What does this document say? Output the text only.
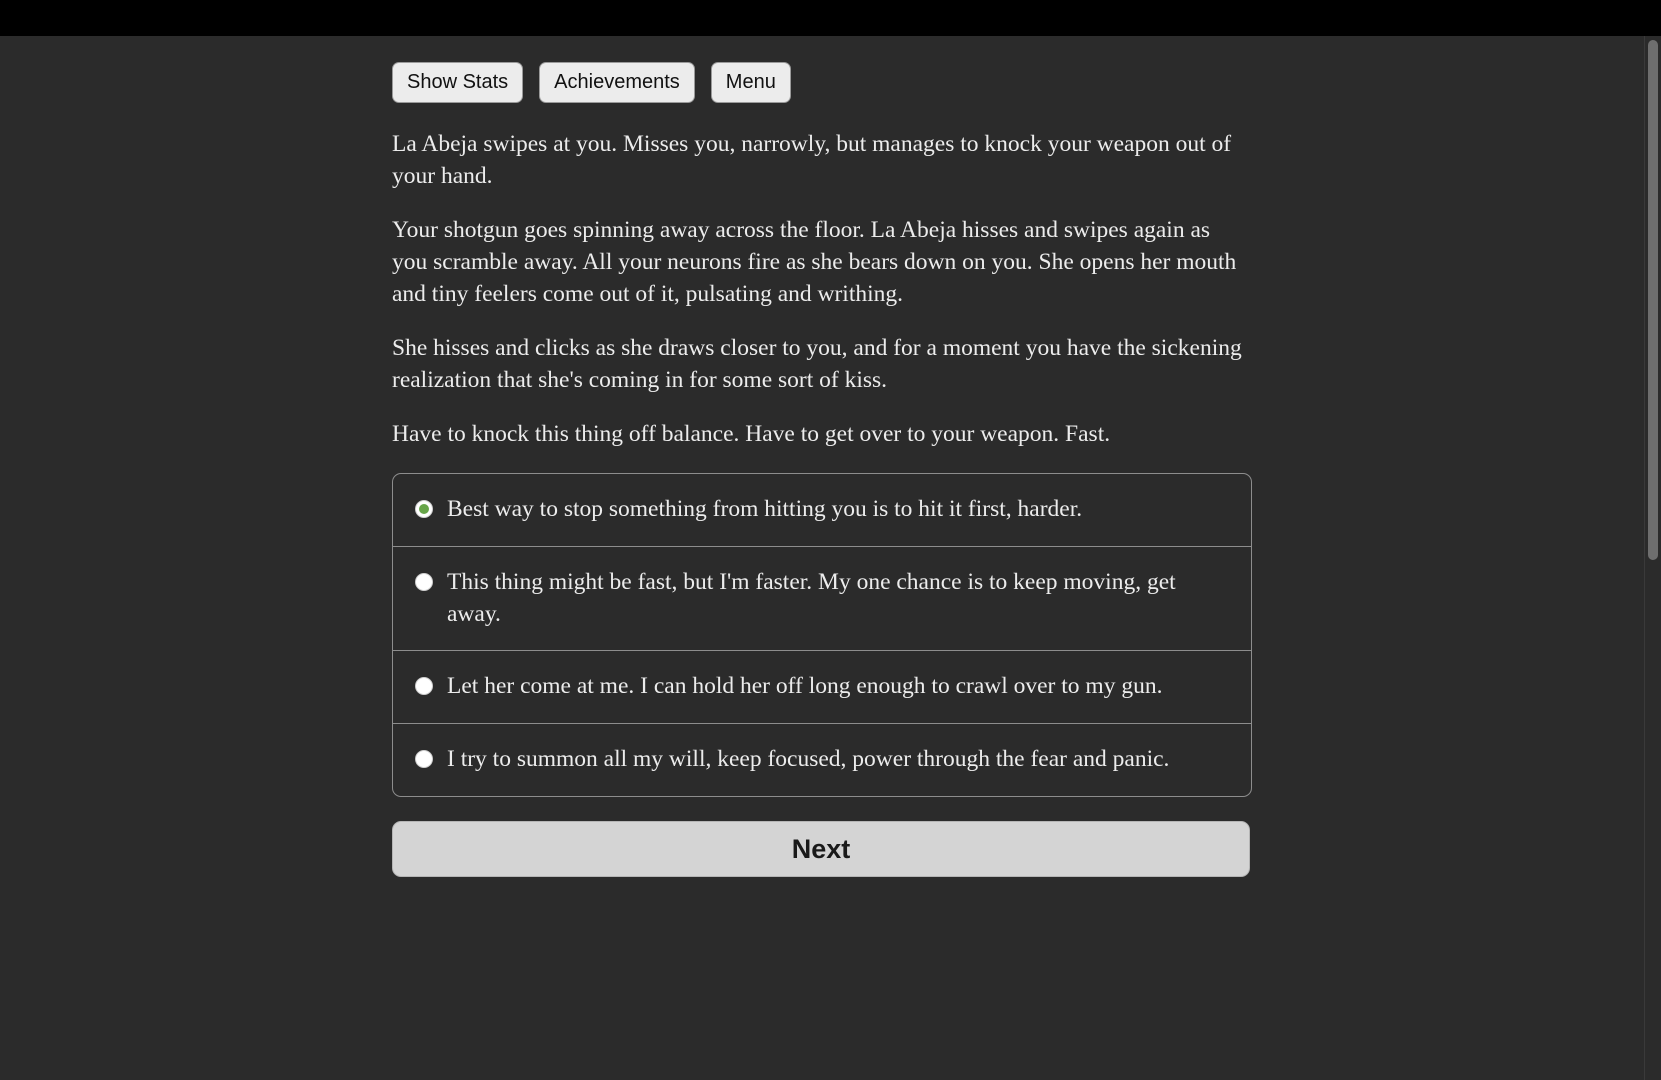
Show Stats	Achievements	Menu

La Abeja swipes at you. Misses you, narrowly, but manages to knock your weapon out of your hand.

Your shotgun goes spinning away across the floor. La Abeja hisses and swipes again as you scramble away. All your neurons fire as she bears down on you. She opens her mouth and tiny feelers come out of it, pulsating and writhing.

She hisses and clicks as she draws closer to you, and for a moment you have the sickening realization that she's coming in for some sort of kiss.

Have to knock this thing off balance. Have to get over to your weapon. Fast.

Best way to stop something from hitting you is to hit it first, harder.
This thing might be fast, but I'm faster. My one chance is to keep moving, get away.
Let her come at me. I can hold her off long enough to crawl over to my gun.
I try to summon all my will, keep focused, power through the fear and panic.
Next
